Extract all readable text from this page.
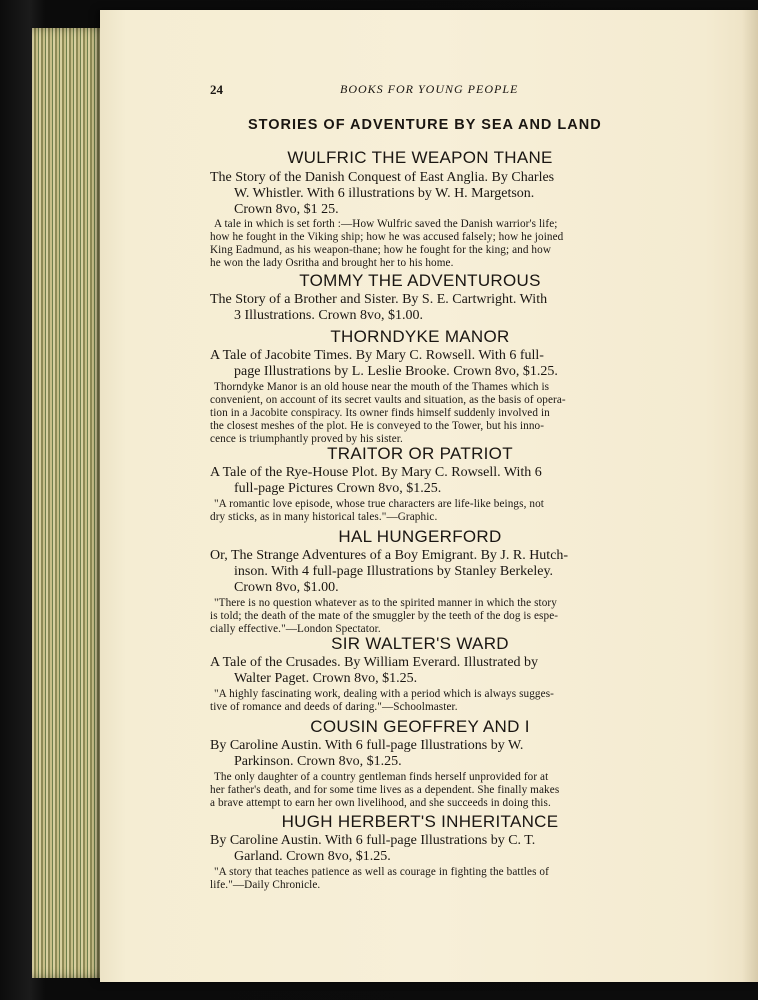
24	BOOKS FOR YOUNG PEOPLE
STORIES OF ADVENTURE BY SEA AND LAND
WULFRIC THE WEAPON THANE
The Story of the Danish Conquest of East Anglia. By Charles
W. Whistler. With 6 illustrations by W. H. Margetson.
Crown 8vo, $1 25.
A tale in which is set forth :—How Wulfric saved the Danish warrior's life;
how he fought in the Viking ship; how he was accused falsely; how he joined
King Eadmund, as his weapon-thane; how he fought for the king; and how
he won the lady Osritha and brought her to his home.
TOMMY THE ADVENTUROUS
The Story of a Brother and Sister. By S. E. Cartwright. With
3 Illustrations. Crown 8vo, $1.00.
THORNDYKE MANOR
A Tale of Jacobite Times. By Mary C. Rowsell. With 6 full-
page Illustrations by L. Leslie Brooke. Crown 8vo, $1.25.
Thorndyke Manor is an old house near the mouth of the Thames which is
convenient, on account of its secret vaults and situation, as the basis of opera-
tion in a Jacobite conspiracy. Its owner finds himself suddenly involved in
the closest meshes of the plot. He is conveyed to the Tower, but his inno-
cence is triumphantly proved by his sister.
TRAITOR OR PATRIOT
A Tale of the Rye-House Plot. By Mary C. Rowsell. With 6
full-page Pictures Crown 8vo, $1.25.
"A romantic love episode, whose true characters are life-like beings, not
dry sticks, as in many historical tales."—Graphic.
HAL HUNGERFORD
Or, The Strange Adventures of a Boy Emigrant. By J. R. Hutch-
inson. With 4 full-page Illustrations by Stanley Berkeley.
Crown 8vo, $1.00.
"There is no question whatever as to the spirited manner in which the story
is told; the death of the mate of the smuggler by the teeth of the dog is espe-
cially effective."—London Spectator.
SIR WALTER'S WARD
A Tale of the Crusades. By William Everard. Illustrated by
Walter Paget. Crown 8vo, $1.25.
"A highly fascinating work, dealing with a period which is always sugges-
tive of romance and deeds of daring."—Schoolmaster.
COUSIN GEOFFREY AND I
By Caroline Austin. With 6 full-page Illustrations by W.
Parkinson. Crown 8vo, $1.25.
The only daughter of a country gentleman finds herself unprovided for at
her father's death, and for some time lives as a dependent. She finally makes
a brave attempt to earn her own livelihood, and she succeeds in doing this.
HUGH HERBERT'S INHERITANCE
By Caroline Austin. With 6 full-page Illustrations by C. T.
Garland. Crown 8vo, $1.25.
"A story that teaches patience as well as courage in fighting the battles of
life."—Daily Chronicle.
